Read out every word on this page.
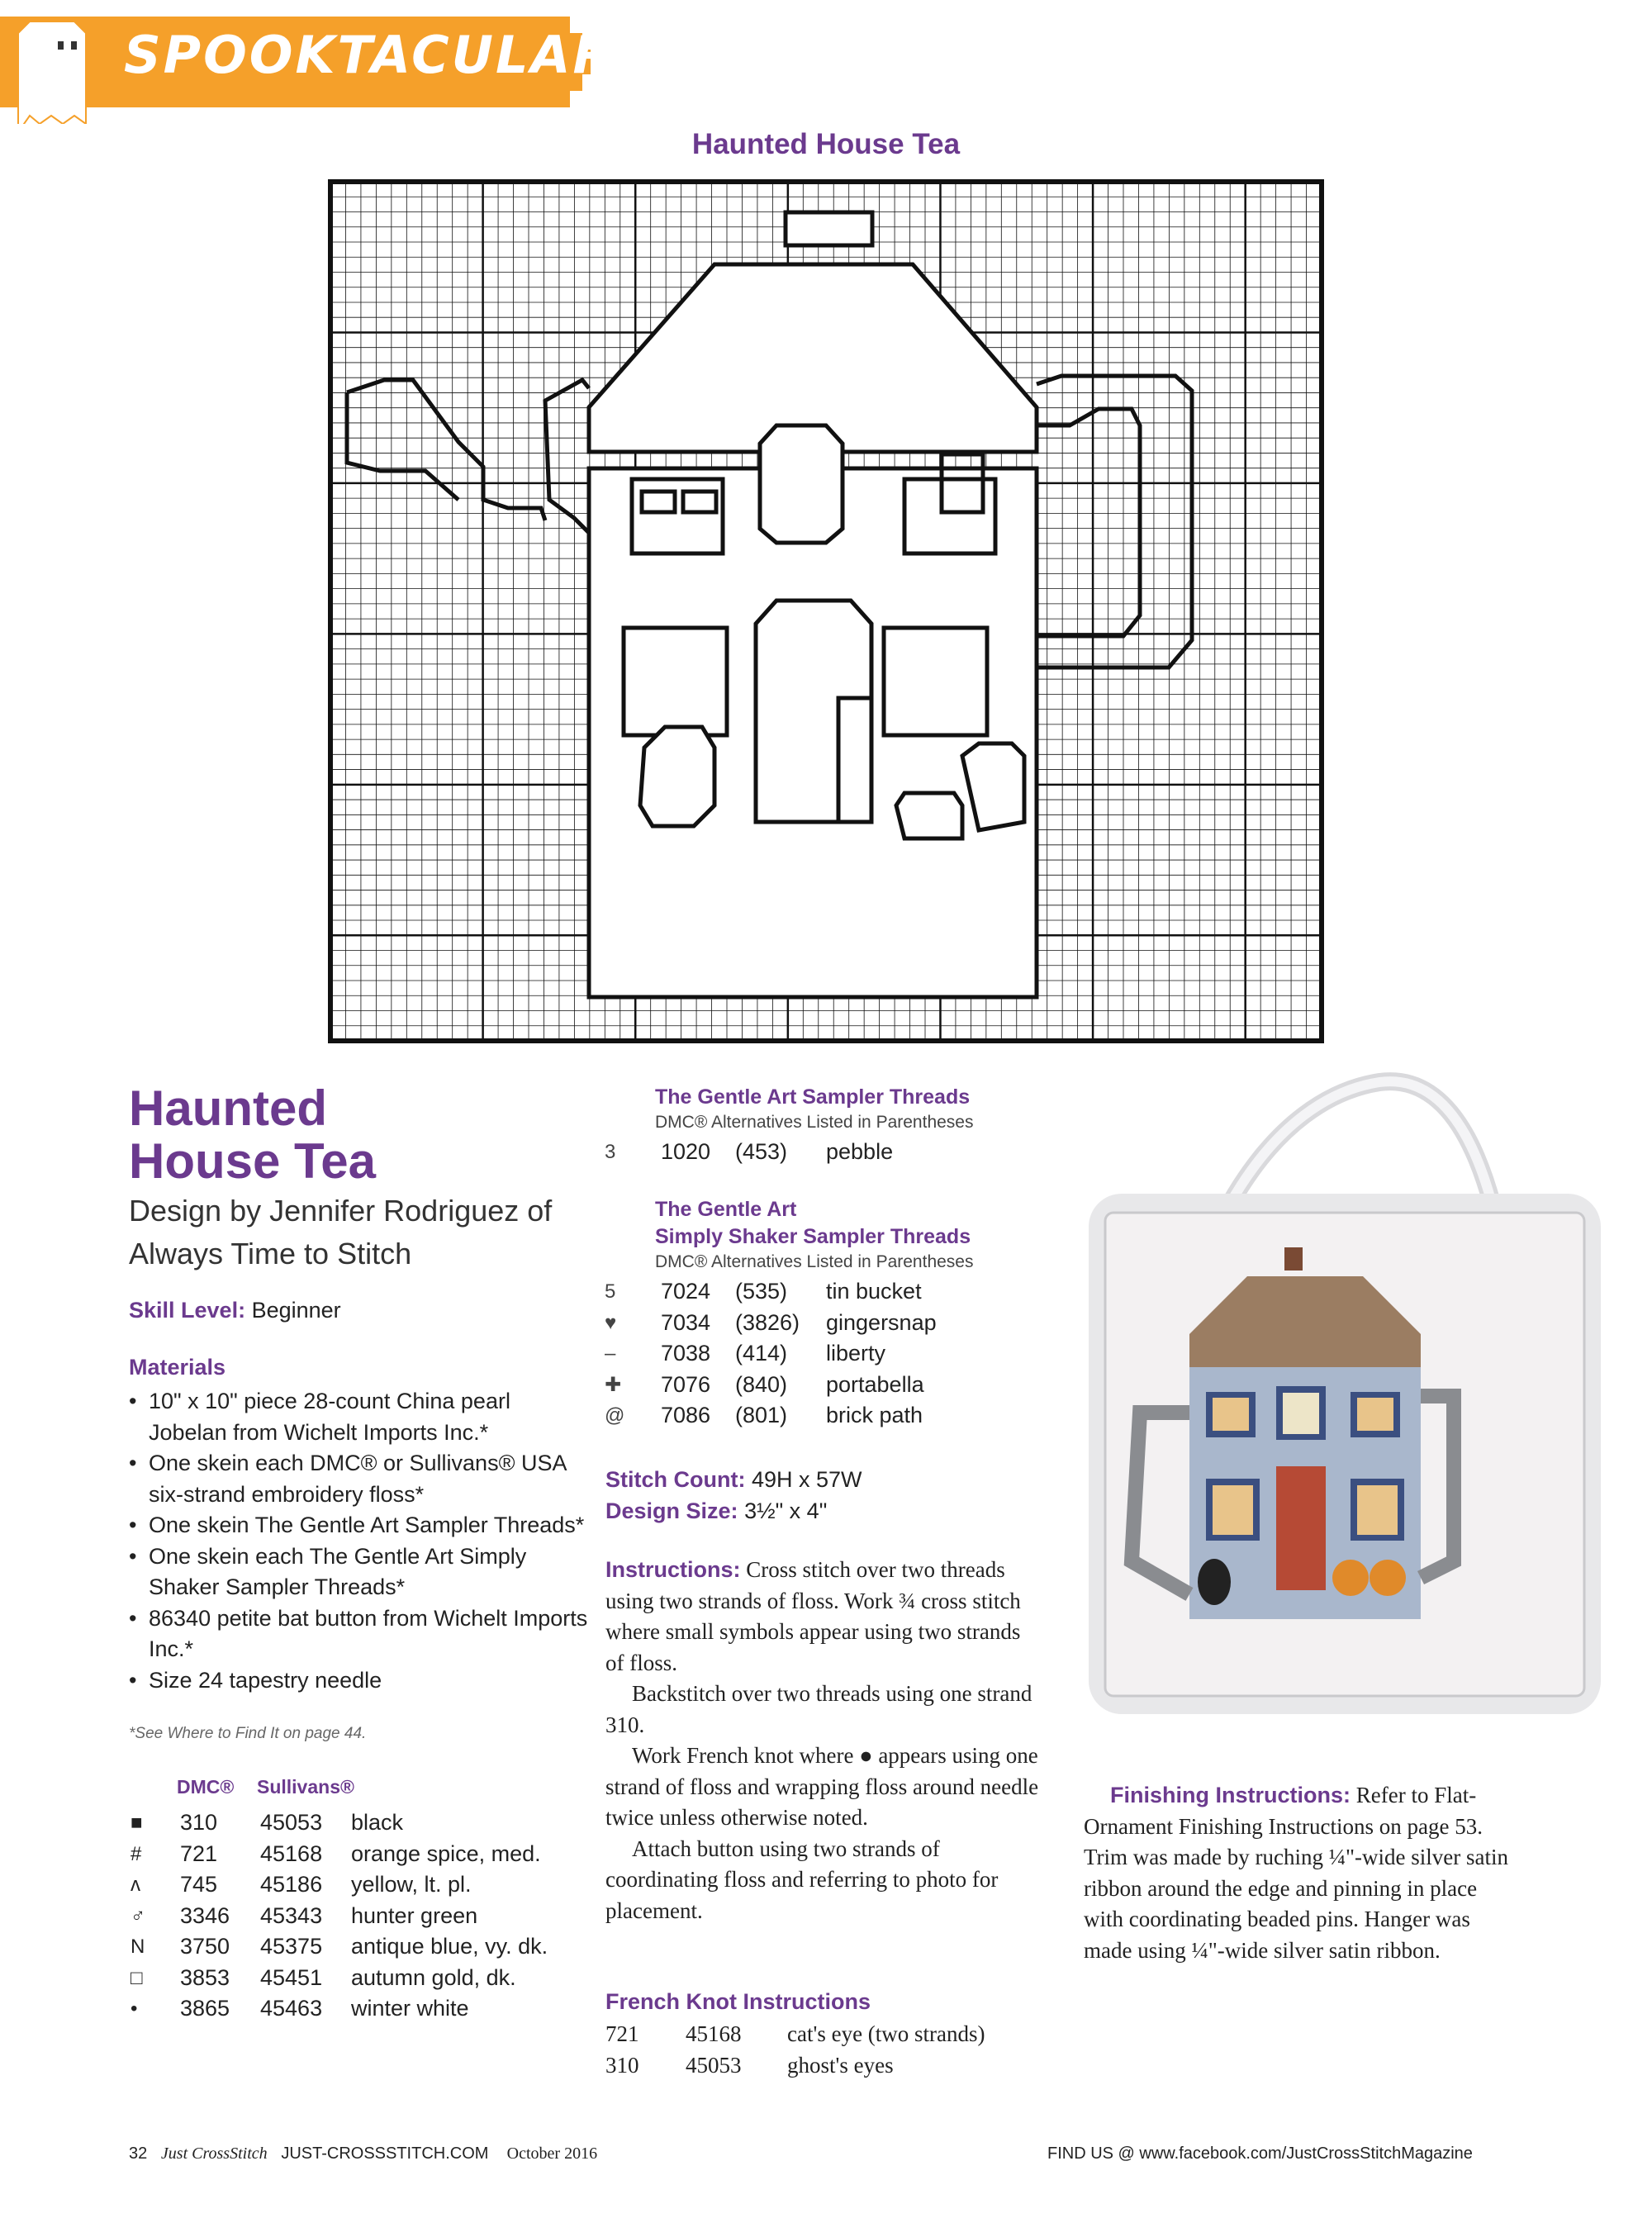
SPOOKTACULAR
Haunted House Tea
Haunted
House Tea
Design by Jennifer Rodriguez of
Always Time to Stitch
Skill Level: Beginner
Materials
• 10" x 10" piece 28-count China pearl Jobelan from Wichelt Imports Inc.*
• One skein each DMC® or Sullivans® USA six-strand embroidery floss*
• One skein The Gentle Art Sampler Threads*
• One skein each The Gentle Art Simply Shaker Sampler Threads*
• 86340 petite bat button from Wichelt Imports Inc.*
• Size 24 tapestry needle
*See Where to Find It on page 44.
DMC® Sullivans®
■	310	45053	black
#	721	45168	orange spice, med.
ʌ	745	45186	yellow, lt. pl.
♂	3346	45343	hunter green
N	3750	45375	antique blue, vy. dk.
□	3853	45451	autumn gold, dk.
•	3865	45463	winter white
The Gentle Art Sampler Threads
DMC® Alternatives Listed in Parentheses
3	1020	(453)	pebble
The Gentle Art
Simply Shaker Sampler Threads
DMC® Alternatives Listed in Parentheses
5	7024	(535)	tin bucket
♥	7034	(3826)	gingersnap
–	7038	(414)	liberty
✚	7076	(840)	portabella
@	7086	(801)	brick path
Stitch Count: 49H x 57W
Design Size: 3½" x 4"

Instructions: Cross stitch over two threads using two strands of floss. Work ¾ cross stitch where small symbols appear using two strands of floss.

Backstitch over two threads using one strand 310.

Work French knot where ● appears using one strand of floss and wrapping floss around needle twice unless otherwise noted.

Attach button using two strands of coordinating floss and referring to photo for placement.

French Knot Instructions
721	45168	cat's eye (two strands)
310	45053	ghost's eyes
Finishing Instructions: Refer to Flat-Ornament Finishing Instructions on page 53. Trim was made by ruching ¼"-wide silver satin ribbon around the edge and pinning in place with coordinating beaded pins. Hanger was made using ¼"-wide silver satin ribbon.
32 Just CrossStitch JUST-CROSSSTITCH.COM October 2016	FIND US @ www.facebook.com/JustCrossStitchMagazine
